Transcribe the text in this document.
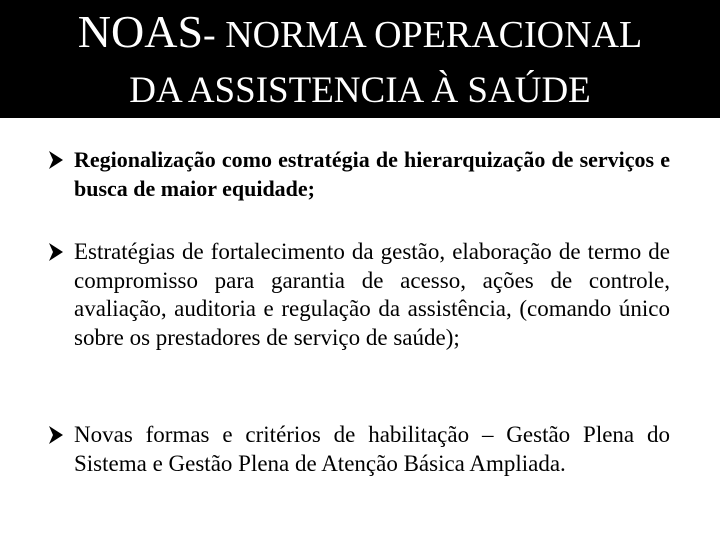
NOAS- NORMA OPERACIONAL
DA ASSISTENCIA À SAÚDE
Regionalização como estratégia de hierarquização de serviços e busca de maior equidade;
Estratégias de fortalecimento da gestão, elaboração de termo de compromisso para garantia de acesso, ações de controle, avaliação, auditoria e regulação da assistência, (comando único sobre os prestadores de serviço de saúde);
Novas formas e critérios de habilitação – Gestão Plena do Sistema e Gestão Plena de Atenção Básica Ampliada.
